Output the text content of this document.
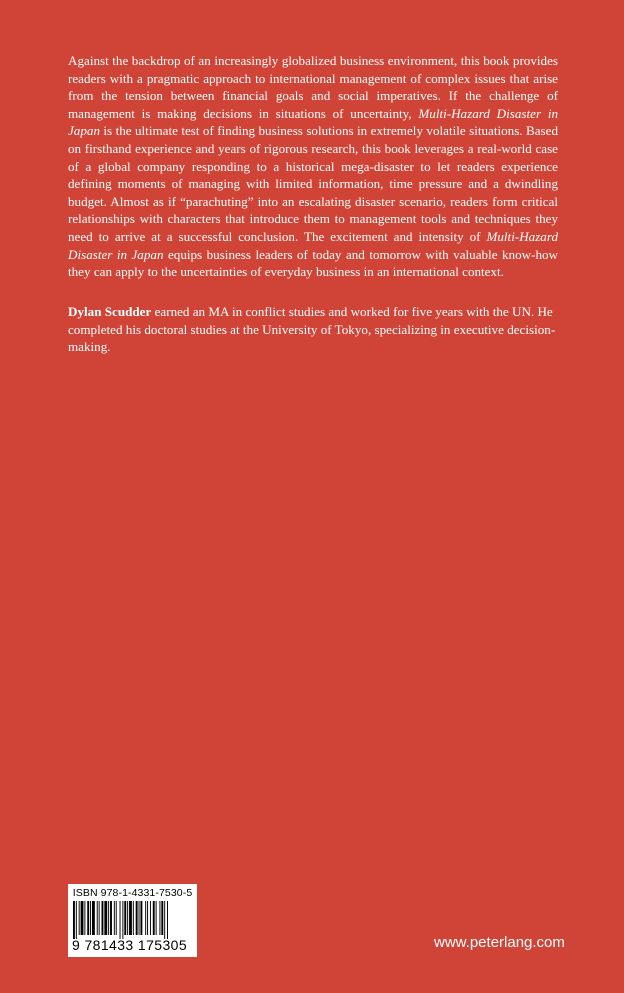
Against the backdrop of an increasingly globalized business environment, this book provides readers with a pragmatic approach to international management of complex issues that arise from the tension between financial goals and social imperatives. If the challenge of management is making decisions in situations of uncertainty, Multi-Hazard Disaster in Japan is the ultimate test of finding business solutions in extremely volatile situations. Based on firsthand experience and years of rigorous research, this book leverages a real-world case of a global company responding to a historical mega-disaster to let readers experience defining moments of managing with limited information, time pressure and a dwindling budget. Almost as if “parachuting” into an escalating disaster scenario, readers form critical relationships with characters that introduce them to management tools and techniques they need to arrive at a successful conclusion. The excitement and intensity of Multi-Hazard Disaster in Japan equips business leaders of today and tomorrow with valuable know-how they can apply to the uncertainties of everyday business in an international context.

Dylan Scudder earned an MA in conflict studies and worked for five years with the UN. He completed his doctoral studies at the University of Tokyo, specializing in executive decision-making.

ISBN 978-1-4331-7530-5
9 781433 175305	www.peterlang.com
